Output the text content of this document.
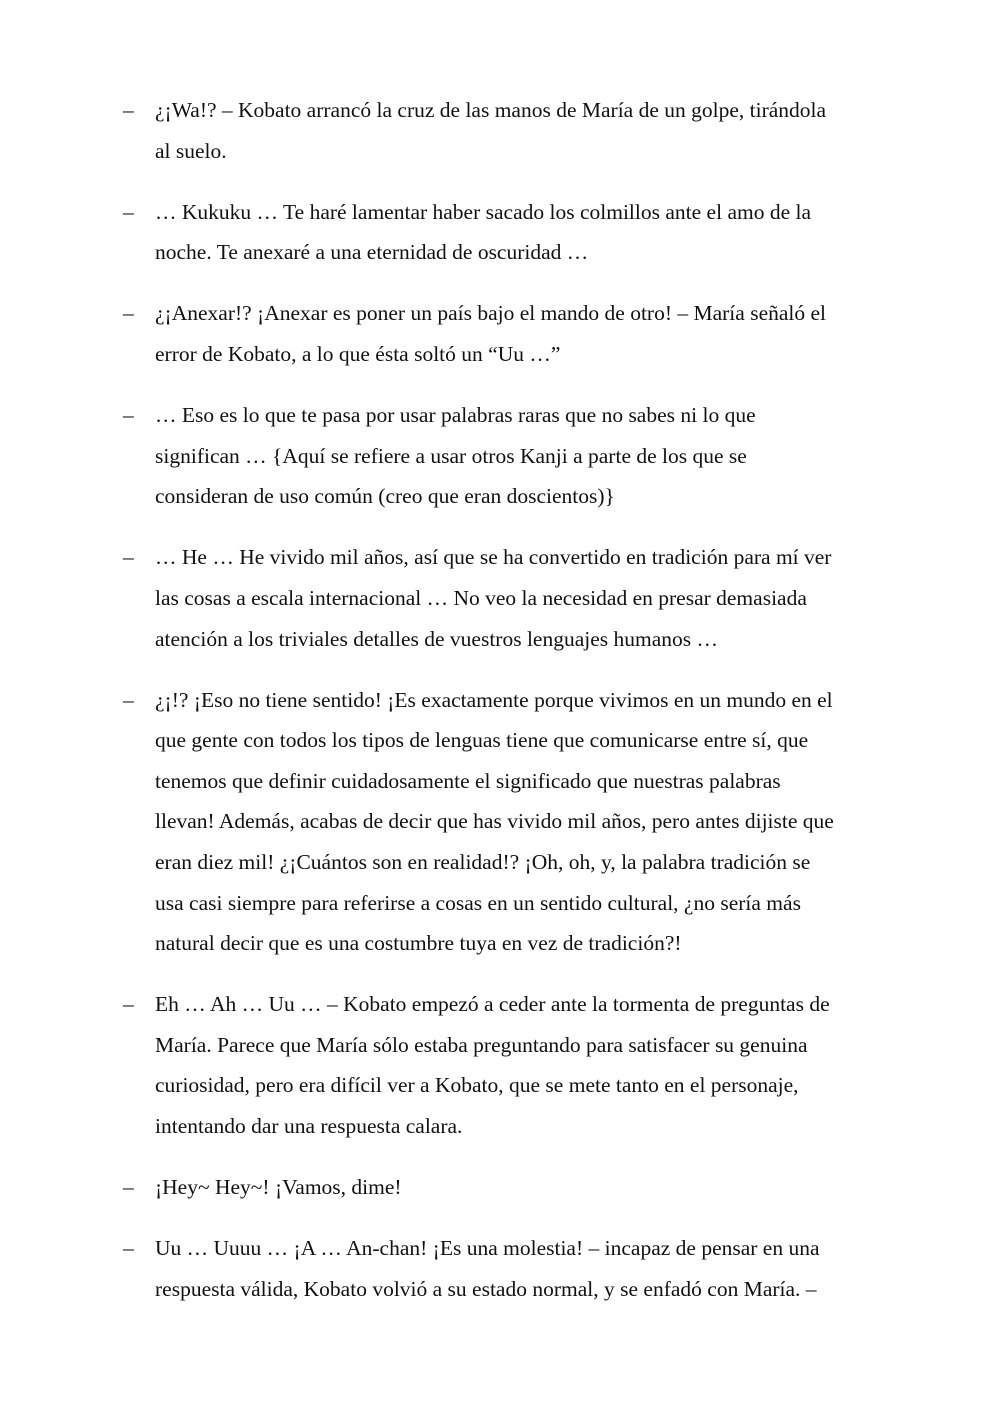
– ¿¡Wa!? – Kobato arrancó la cruz de las manos de María de un golpe, tirándola
al suelo.
– … Kukuku … Te haré lamentar haber sacado los colmillos ante el amo de la
noche. Te anexaré a una eternidad de oscuridad …
– ¿¡Anexar!? ¡Anexar es poner un país bajo el mando de otro! – María señaló el
error de Kobato, a lo que ésta soltó un “Uu …”
– … Eso es lo que te pasa por usar palabras raras que no sabes ni lo que
significan … {Aquí se refiere a usar otros Kanji a parte de los que se
consideran de uso común (creo que eran doscientos)}
– … He … He vivido mil años, así que se ha convertido en tradición para mí ver
las cosas a escala internacional … No veo la necesidad en presar demasiada
atención a los triviales detalles de vuestros lenguajes humanos …
– ¿¡!? ¡Eso no tiene sentido! ¡Es exactamente porque vivimos en un mundo en el
que gente con todos los tipos de lenguas tiene que comunicarse entre sí, que
tenemos que definir cuidadosamente el significado que nuestras palabras
llevan! Además, acabas de decir que has vivido mil años, pero antes dijiste que
eran diez mil! ¿¡Cuántos son en realidad!? ¡Oh, oh, y, la palabra tradición se
usa casi siempre para referirse a cosas en un sentido cultural, ¿no sería más
natural decir que es una costumbre tuya en vez de tradición?!
– Eh … Ah … Uu … – Kobato empezó a ceder ante la tormenta de preguntas de
María. Parece que María sólo estaba preguntando para satisfacer su genuina
curiosidad, pero era difícil ver a Kobato, que se mete tanto en el personaje,
intentando dar una respuesta calara.
– ¡Hey~ Hey~! ¡Vamos, dime!
– Uu … Uuuu … ¡A … An-chan! ¡Es una molestia! – incapaz de pensar en una
respuesta válida, Kobato volvió a su estado normal, y se enfadó con María. –
